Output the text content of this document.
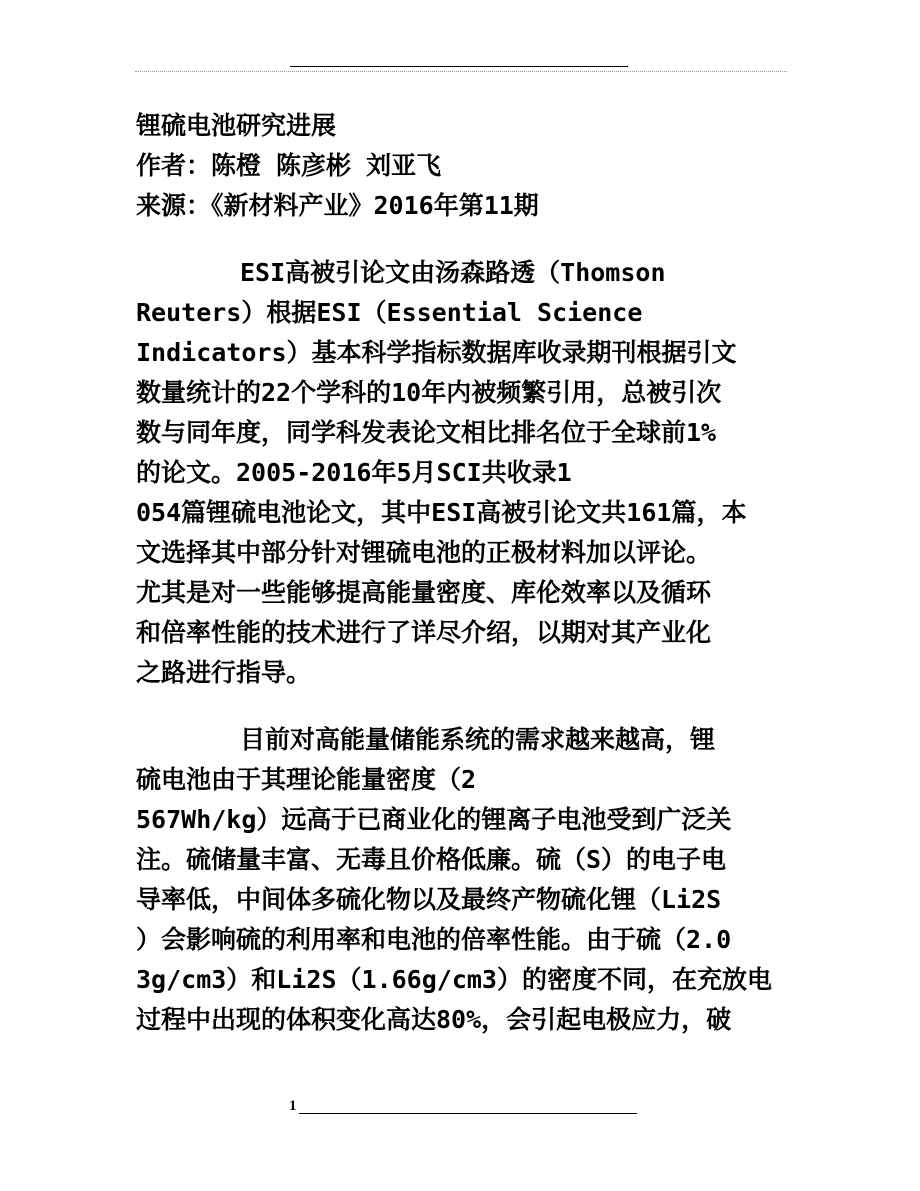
锂硫电池研究进展
作者：陈橙 陈彦彬 刘亚飞
来源：《新材料产业》2016年第11期
ESI高被引论文由汤森路透（Thomson
Reuters）根据ESI（Essential Science
Indicators）基本科学指标数据库收录期刊根据引文
数量统计的22个学科的10年内被频繁引用，总被引次
数与同年度，同学科发表论文相比排名位于全球前1%
的论文。2005-2016年5月SCI共收录1
054篇锂硫电池论文，其中ESI高被引论文共161篇，本
文选择其中部分针对锂硫电池的正极材料加以评论。
尤其是对一些能够提高能量密度、库伦效率以及循环
和倍率性能的技术进行了详尽介绍，以期对其产业化
之路进行指导。
目前对高能量储能系统的需求越来越高，锂
硫电池由于其理论能量密度（2
567Wh/kg）远高于已商业化的锂离子电池受到广泛关
注。硫储量丰富、无毒且价格低廉。硫（S）的电子电
导率低，中间体多硫化物以及最终产物硫化锂（Li2S
）会影响硫的利用率和电池的倍率性能。由于硫（2.0
3g/cm3）和Li2S（1.66g/cm3）的密度不同，在充放电
过程中出现的体积变化高达80%，会引起电极应力，破
1
